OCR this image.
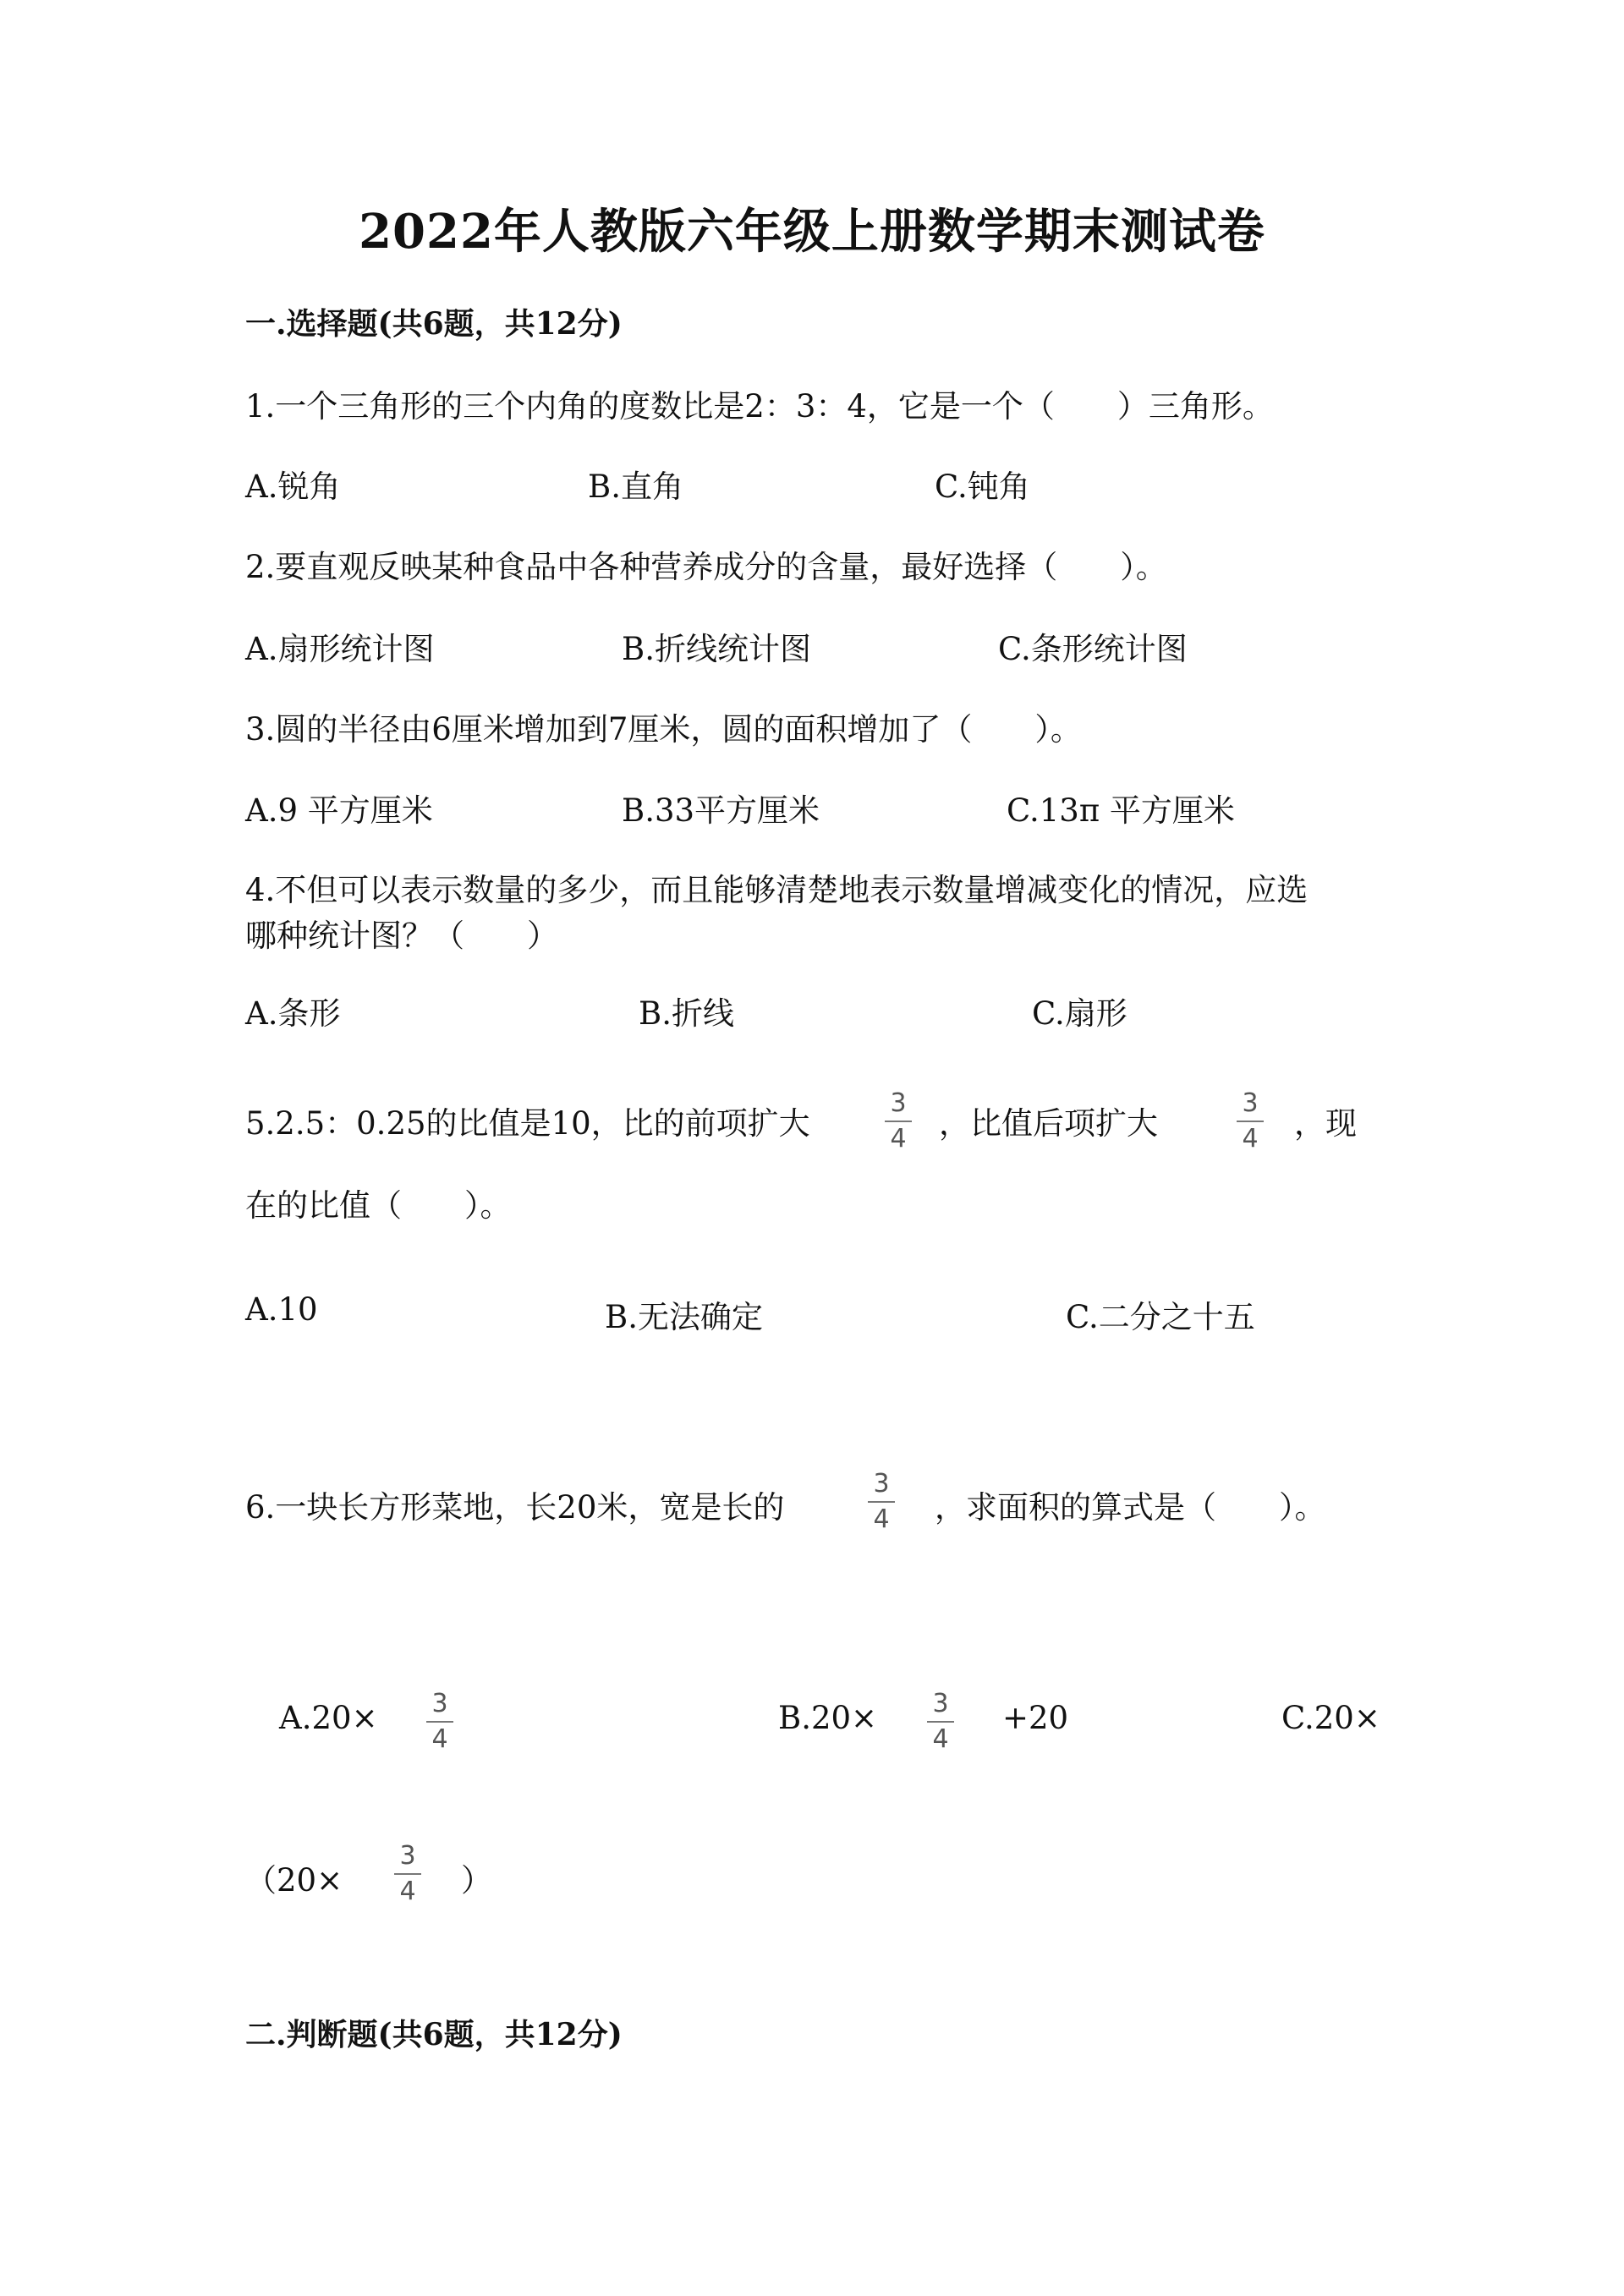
2022年人教版六年级上册数学期末测试卷
一.选择题(共6题，共12分)
1.一个三角形的三个内角的度数比是2：3：4，它是一个（　　）三角形。
A.锐角	B.直角	C.钝角
2.要直观反映某种食品中各种营养成分的含量，最好选择（　　）。
A.扇形统计图	B.折线统计图	C.条形统计图
3.圆的半径由6厘米增加到7厘米，圆的面积增加了（　　）。
A.9 平方厘米	B.33平方厘米	C.13π 平方厘米
4.不但可以表示数量的多少，而且能够清楚地表示数量增减变化的情况，应选
哪种统计图？（　　）
A.条形	B.折线	C.扇形
5.2.5：0.25的比值是10，比的前项扩大
3
4 ，比值后项扩大
3
4 ，现
在的比值（　　）。
A.10	B.无法确定	C.二分之十五
6.一块长方形菜地，长20米，宽是长的
3
4 ，求面积的算式是（　　）。
A.20×	3
4
B.20×	3
4
+20	C.20×
（20×
3
4 ）
二.判断题(共6题，共12分)
